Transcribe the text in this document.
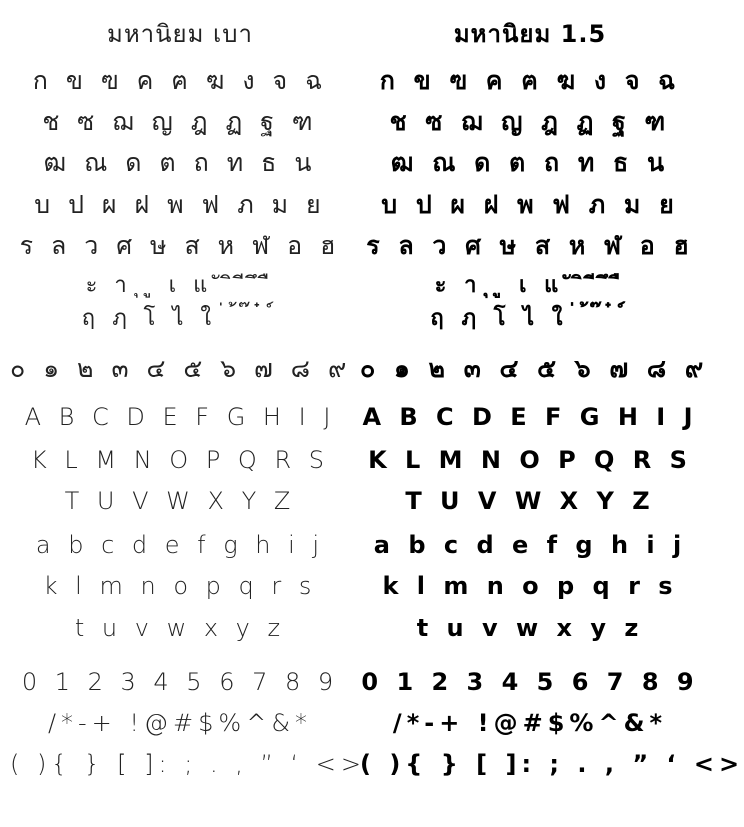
มหานิยม เบา
ก ข ฃ ค ฅ ฆ ง จ ฉ
ช ซ ฌ ญ ฎ ฏ ฐ ฑ
ฒ ณ ด ต ถ ท ธ น
บ ป ผ ฝ พ ฟ ภ ม ย
ร ล ว ศ ษ ส ห ฬ อ ฮ
ะ า ุ ู เ แ ั ิ ี ึ ื
ฤ ฦ โ ไ ใ ่ ้ ๊ ๋ ์
๐ ๑ ๒ ๓ ๔ ๕ ๖ ๗ ๘ ๙
A B C D E F G H I J
K L M N O P Q R S
T U V W X Y Z
a b c d e f g h i j
k l m n o p q r s
t u v w x y z
0 1 2 3 4 5 6 7 8 9
/*-+ !@#$%^&*
( ){ } [ ]: ; . , ” ‘ <>
มหานิยม 1.5
ก ข ฃ ค ฅ ฆ ง จ ฉ
ช ซ ฌ ญ ฎ ฏ ฐ ฑ
ฒ ณ ด ต ถ ท ธ น
บ ป ผ ฝ พ ฟ ภ ม ย
ร ล ว ศ ษ ส ห ฬ อ ฮ
ะ า ุ ู เ แ ั ิ ี ึ ื
ฤ ฦ โ ไ ใ ่ ้ ๊ ๋ ์
๐ ๑ ๒ ๓ ๔ ๕ ๖ ๗ ๘ ๙
A B C D E F G H I J
K L M N O P Q R S
T U V W X Y Z
a b c d e f g h i j
k l m n o p q r s
t u v w x y z
0 1 2 3 4 5 6 7 8 9
/*-+ !@#$%^&*
( ){ } [ ]: ; . , ” ‘ <>
